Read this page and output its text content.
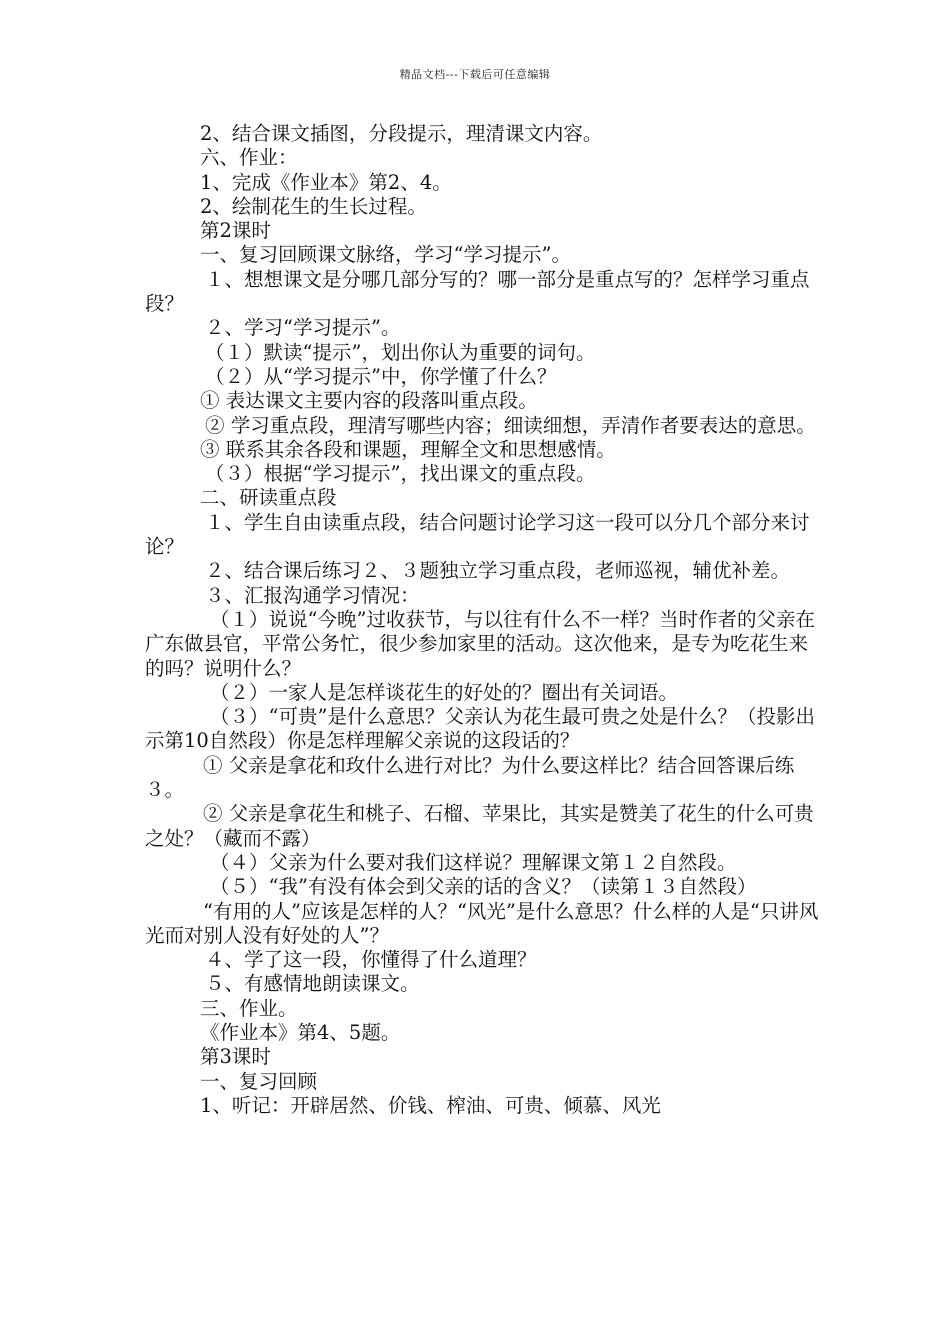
精品文档---下载后可任意编辑

2、结合课文插图，分段提示，理清课文内容。

六、作业：

1、完成《作业本》第2、4。

2、绘制花生的生长过程。

第2课时

一、复习回顾课文脉络，学习“学习提示”。

１、想想课文是分哪几部分写的？哪一部分是重点写的？怎样学习重点段？

２、学习“学习提示”。

（１）默读“提示”，划出你认为重要的词句。

（２）从“学习提示”中，你学懂了什么？

① 表达课文主要内容的段落叫重点段。

② 学习重点段，理清写哪些内容；细读细想，弄清作者要表达的意思。

③ 联系其余各段和课题，理解全文和思想感情。

（３）根据“学习提示”，找出课文的重点段。

二、研读重点段

１、学生自由读重点段，结合问题讨论学习这一段可以分几个部分来讨论？

２、结合课后练习２、３题独立学习重点段，老师巡视，辅优补差。

３、汇报沟通学习情况：

（１）说说“今晚”过收获节，与以往有什么不一样？当时作者的父亲在广东做县官，平常公务忙，很少参加家里的活动。这次他来，是专为吃花生来的吗？说明什么？

（２）一家人是怎样谈花生的好处的？圈出有关词语。

（３）“可贵”是什么意思？父亲认为花生最可贵之处是什么？（投影出示第10自然段）你是怎样理解父亲说的这段话的？

① 父亲是拿花和玫什么进行对比？为什么要这样比？结合回答课后练３。

② 父亲是拿花生和桃子、石榴、苹果比，其实是赞美了花生的什么可贵之处？（藏而不露）

（４）父亲为什么要对我们这样说？理解课文第１２自然段。

（５）“我”有没有体会到父亲的话的含义？（读第１３自然段）

“有用的人”应该是怎样的人？“风光”是什么意思？什么样的人是“只讲风光而对别人没有好处的人”？

４、学了这一段，你懂得了什么道理？

５、有感情地朗读课文。

三、作业。

《作业本》第4、5题。

第3课时

一、复习回顾

1、听记：开辟居然、价钱、榨油、可贵、倾慕、风光
